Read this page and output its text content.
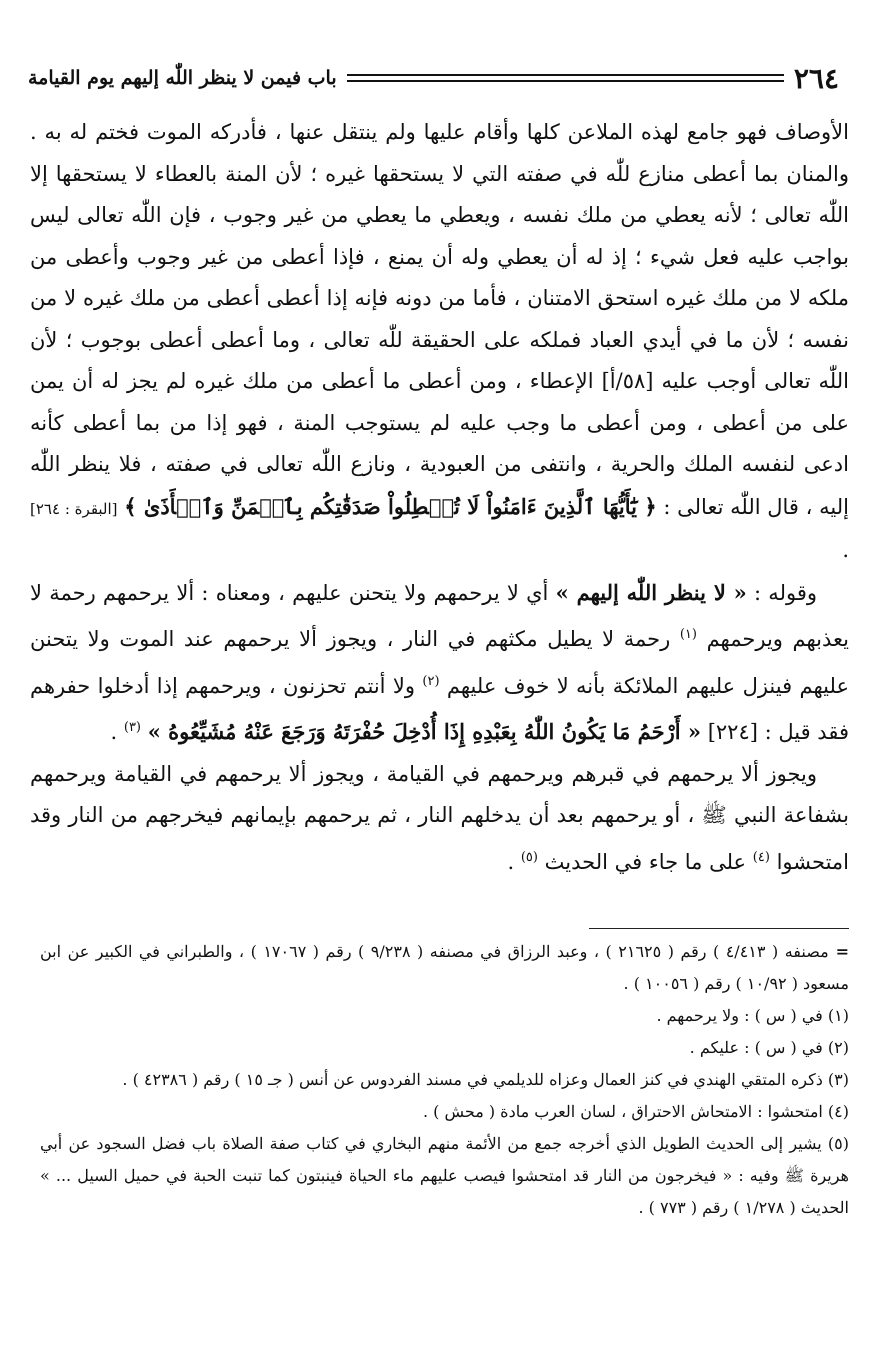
٢٦٤
باب فيمن لا ينظر اللّٰه إليهم يوم القيامة

الأوصاف فهو جامع لهذه الملاعن كلها وأقام عليها ولم ينتقل عنها ، فأدركه الموت فختم له به . والمنان بما أعطى منازع للّٰه في صفته التي لا يستحقها غيره ؛ لأن المنة بالعطاء لا يستحقها إلا اللّٰه تعالى ؛ لأنه يعطي من ملك نفسه ، ويعطي ما يعطي من غير وجوب ، فإن اللّٰه تعالى ليس بواجب عليه فعل شيء ؛ إذ له أن يعطي وله أن يمنع ، فإذا أعطى من غير وجوب وأعطى من ملكه لا من ملك غيره استحق الامتنان ، فأما من دونه فإنه إذا أعطى أعطى من ملك غيره لا من نفسه ؛ لأن ما في أيدي العباد فملكه على الحقيقة للّٰه تعالى ، وما أعطى أعطى بوجوب ؛ لأن اللّٰه تعالى أوجب عليه [٥٨/أ] الإعطاء ، ومن أعطى ما أعطى من ملك غيره لم يجز له أن يمن على من أعطى ، ومن أعطى ما وجب عليه لم يستوجب المنة ، فهو إذا من بما أعطى كأنه ادعى لنفسه الملك والحرية ، وانتفى من العبودية ، ونازع اللّٰه تعالى في صفته ، فلا ينظر اللّٰه إليه ، قال اللّٰه تعالى : ﴿ يَٰٓأَيُّهَا ٱلَّذِينَ ءَامَنُواْ لَا تُبۡطِلُواْ صَدَقَٰتِكُم بِٱلۡمَنِّ وَٱلۡأَذَىٰ ﴾ [البقرة : ٢٦٤] .

وقوله : « لا ينظر اللّٰه إليهم » أي لا يرحمهم ولا يتحنن عليهم ، ومعناه : ألا يرحمهم رحمة لا يعذبهم ويرحمهم $^{(١)}$ رحمة لا يطيل مكثهم في النار ، ويجوز ألا يرحمهم عند الموت ولا يتحنن عليهم فينزل عليهم الملائكة بأنه لا خوف عليهم $^{(٢)}$ ولا أنتم تحزنون ، ويرحمهم إذا أدخلوا حفرهم فقد قيل : [٢٢٤] « أَرْحَمُ مَا يَكُونُ اللّٰهُ بِعَبْدِهِ إِذَا أُدْخِلَ حُفْرَتَهُ وَرَجَعَ عَنْهُ مُشَيِّعُوهُ » $^{(٣)}$ .

ويجوز ألا يرحمهم في قبرهم ويرحمهم في القيامة ، ويجوز ألا يرحمهم في القيامة ويرحمهم بشفاعة النبي ﷺ ، أو يرحمهم بعد أن يدخلهم النار ، ثم يرحمهم بإيمانهم فيخرجهم من النار وقد امتحشوا $^{(٤)}$ على ما جاء في الحديث $^{(٥)}$ .

= مصنفه ( ٤/٤١٣ ) رقم ( ٢١٦٢٥ ) ، وعبد الرزاق في مصنفه ( ٩/٢٣٨ ) رقم ( ١٧٠٦٧ ) ، والطبراني في الكبير عن ابن مسعود ( ١٠/٩٢ ) رقم ( ١٠٠٥٦ ) .

(١) في ( س ) : ولا يرحمهم .

(٢) في ( س ) : عليكم .

(٣) ذكره المتقي الهندي في كنز العمال وعزاه للديلمي في مسند الفردوس عن أنس ( جـ ١٥ ) رقم ( ٤٢٣٨٦ ) .

(٤) امتحشوا : الامتحاش الاحتراق ، لسان العرب مادة ( محش ) .

(٥) يشير إلى الحديث الطويل الذي أخرجه جمع من الأئمة منهم البخاري في كتاب صفة الصلاة باب فضل السجود عن أبي هريرة ﷺ وفيه : « فيخرجون من النار قد امتحشوا فيصب عليهم ماء الحياة فينبتون كما تنبت الحبة في حميل السيل ... » الحديث ( ١/٢٧٨ ) رقم ( ٧٧٣ ) .
